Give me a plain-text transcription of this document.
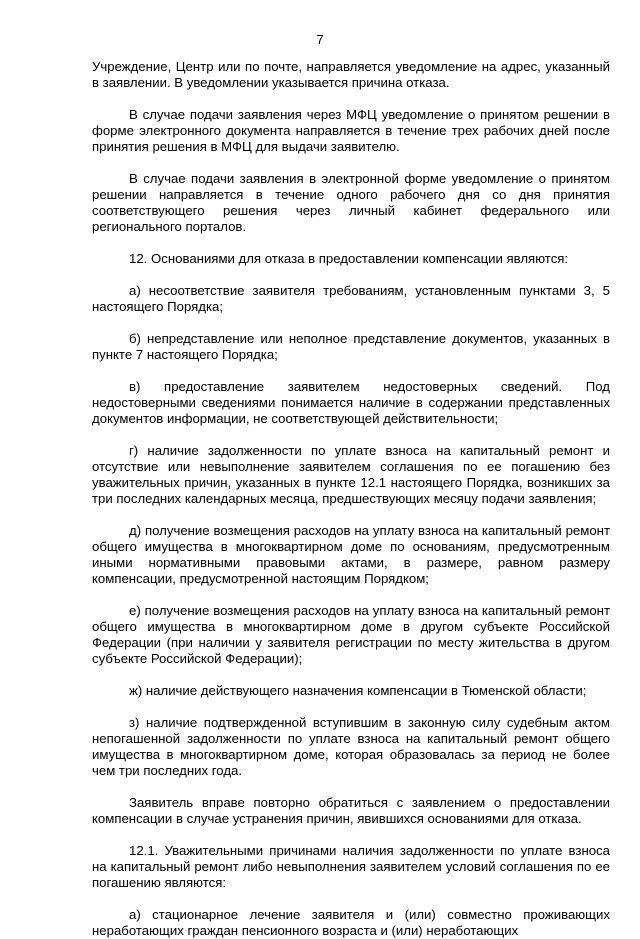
7

Учреждение, Центр или по почте, направляется уведомление на адрес, указанный в заявлении. В уведомлении указывается причина отказа.

В случае подачи заявления через МФЦ уведомление о принятом решении в форме электронного документа направляется в течение трех рабочих дней после принятия решения в МФЦ для выдачи заявителю.

В случае подачи заявления в электронной форме уведомление о принятом решении направляется в течение одного рабочего дня со дня принятия соответствующего решения через личный кабинет федерального или регионального порталов.

12. Основаниями для отказа в предоставлении компенсации являются:

а) несоответствие заявителя требованиям, установленным пунктами 3, 5 настоящего Порядка;

б) непредставление или неполное представление документов, указанных в пункте 7 настоящего Порядка;

в) предоставление заявителем недостоверных сведений. Под недостоверными сведениями понимается наличие в содержании представленных документов информации, не соответствующей действительности;

г) наличие задолженности по уплате взноса на капитальный ремонт и отсутствие или невыполнение заявителем соглашения по ее погашению без уважительных причин, указанных в пункте 12.1 настоящего Порядка, возникших за три последних календарных месяца, предшествующих месяцу подачи заявления;

д) получение возмещения расходов на уплату взноса на капитальный ремонт общего имущества в многоквартирном доме по основаниям, предусмотренным иными нормативными правовыми актами, в размере, равном размеру компенсации, предусмотренной настоящим Порядком;

е) получение возмещения расходов на уплату взноса на капитальный ремонт общего имущества в многоквартирном доме в другом субъекте Российской Федерации (при наличии у заявителя регистрации по месту жительства в другом субъекте Российской Федерации);

ж) наличие действующего назначения компенсации в Тюменской области;

з) наличие подтвержденной вступившим в законную силу судебным актом непогашенной задолженности по уплате взноса на капитальный ремонт общего имущества в многоквартирном доме, которая образовалась за период не более чем три последних года.

Заявитель вправе повторно обратиться с заявлением о предоставлении компенсации в случае устранения причин, явившихся основаниями для отказа.

12.1. Уважительными причинами наличия задолженности по уплате взноса на капитальный ремонт либо невыполнения заявителем условий соглашения по ее погашению являются:

а) стационарное лечение заявителя и (или) совместно проживающих неработающих граждан пенсионного возраста и (или) неработающих
